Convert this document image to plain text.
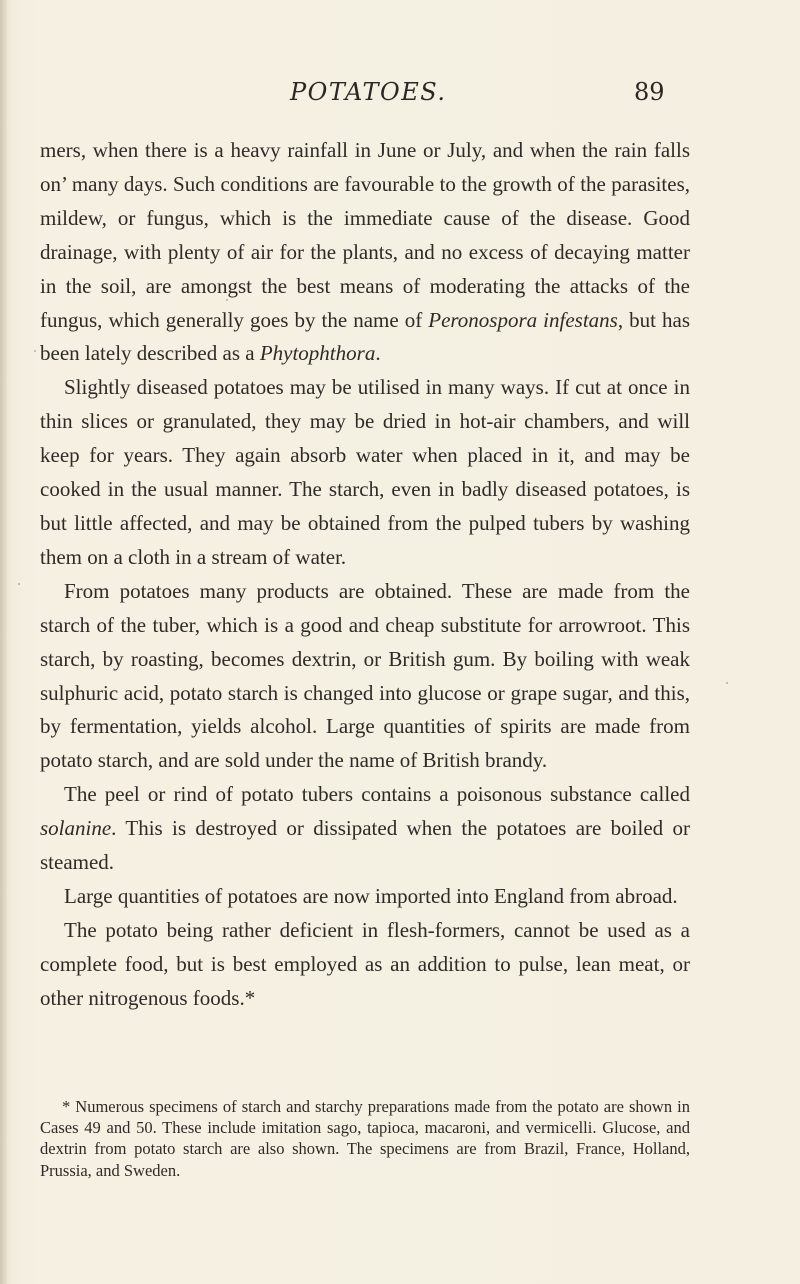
POTATOES.	89

mers, when there is a heavy rainfall in June or July, and when the rain falls on’ many days. Such conditions are favourable to the growth of the parasites, mildew, or fungus, which is the immediate cause of the disease. Good drainage, with plenty of air for the plants, and no excess of decaying matter in the soil, are amongst the best means of moderating the attacks of the fungus, which generally goes by the name of Peronospora infestans, but has been lately described as a Phytophthora.

Slightly diseased potatoes may be utilised in many ways. If cut at once in thin slices or granulated, they may be dried in hot-air chambers, and will keep for years. They again absorb water when placed in it, and may be cooked in the usual manner. The starch, even in badly diseased potatoes, is but little affected, and may be obtained from the pulped tubers by washing them on a cloth in a stream of water.

From potatoes many products are obtained. These are made from the starch of the tuber, which is a good and cheap substitute for arrowroot. This starch, by roasting, becomes dextrin, or British gum. By boiling with weak sulphuric acid, potato starch is changed into glucose or grape sugar, and this, by fermentation, yields alcohol. Large quantities of spirits are made from potato starch, and are sold under the name of British brandy.

The peel or rind of potato tubers contains a poisonous substance called solanine. This is destroyed or dissipated when the potatoes are boiled or steamed.

Large quantities of potatoes are now imported into England from abroad.

The potato being rather deficient in flesh-formers, cannot be used as a complete food, but is best employed as an addition to pulse, lean meat, or other nitrogenous foods.*

* Numerous specimens of starch and starchy preparations made from the potato are shown in Cases 49 and 50. These include imitation sago, tapioca, macaroni, and vermicelli. Glucose, and dextrin from potato starch are also shown. The specimens are from Brazil, France, Holland, Prussia, and Sweden.
